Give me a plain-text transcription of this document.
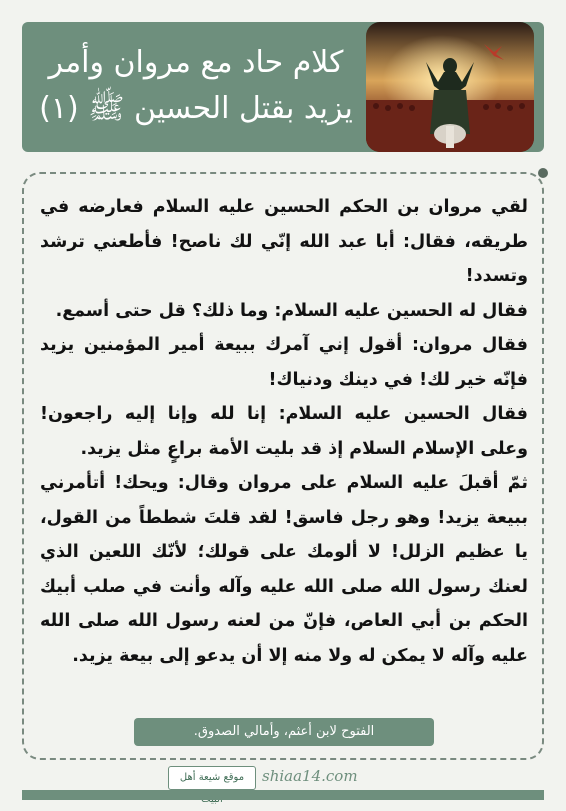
كلام حاد مع مروان وأمر
يزيد بقتل الحسين ﷺ (١)

لقي مروان بن الحكم الحسين عليه السلام فعارضه في طريقه، فقال: أبا عبد الله إنّي لك ناصح! فأطعني ترشد وتسدد!

فقال له الحسين عليه السلام: وما ذلك؟ قل حتى أسمع.

فقال مروان: أقول إني آمرك ببيعة أمير المؤمنين يزيد فإنّه خير لك! في دينك ودنياك!

فقال الحسين عليه السلام: إنا لله وإنا إليه راجعون! وعلى الإسلام السلام إذ قد بليت الأمة براعٍ مثل يزيد.

ثمّ أقبلَ عليه السلام على مروان وقال: ويحك! أتأمرني ببيعة يزيد! وهو رجل فاسق! لقد قلتَ شططاً من القول، يا عظيم الزلل! لا ألومك على قولك؛ لأنّك اللعين الذي لعنك رسول الله صلى الله عليه وآله وأنت في صلب أبيك الحكم بن أبي العاص، فإنّ من لعنه رسول الله صلى الله عليه وآله لا يمكن له ولا منه إلا أن يدعو إلى بيعة يزيد.

الفتوح لابن أعثم، وأمالي الصدوق.
موقع شيعة أهل	shiaa14.com
